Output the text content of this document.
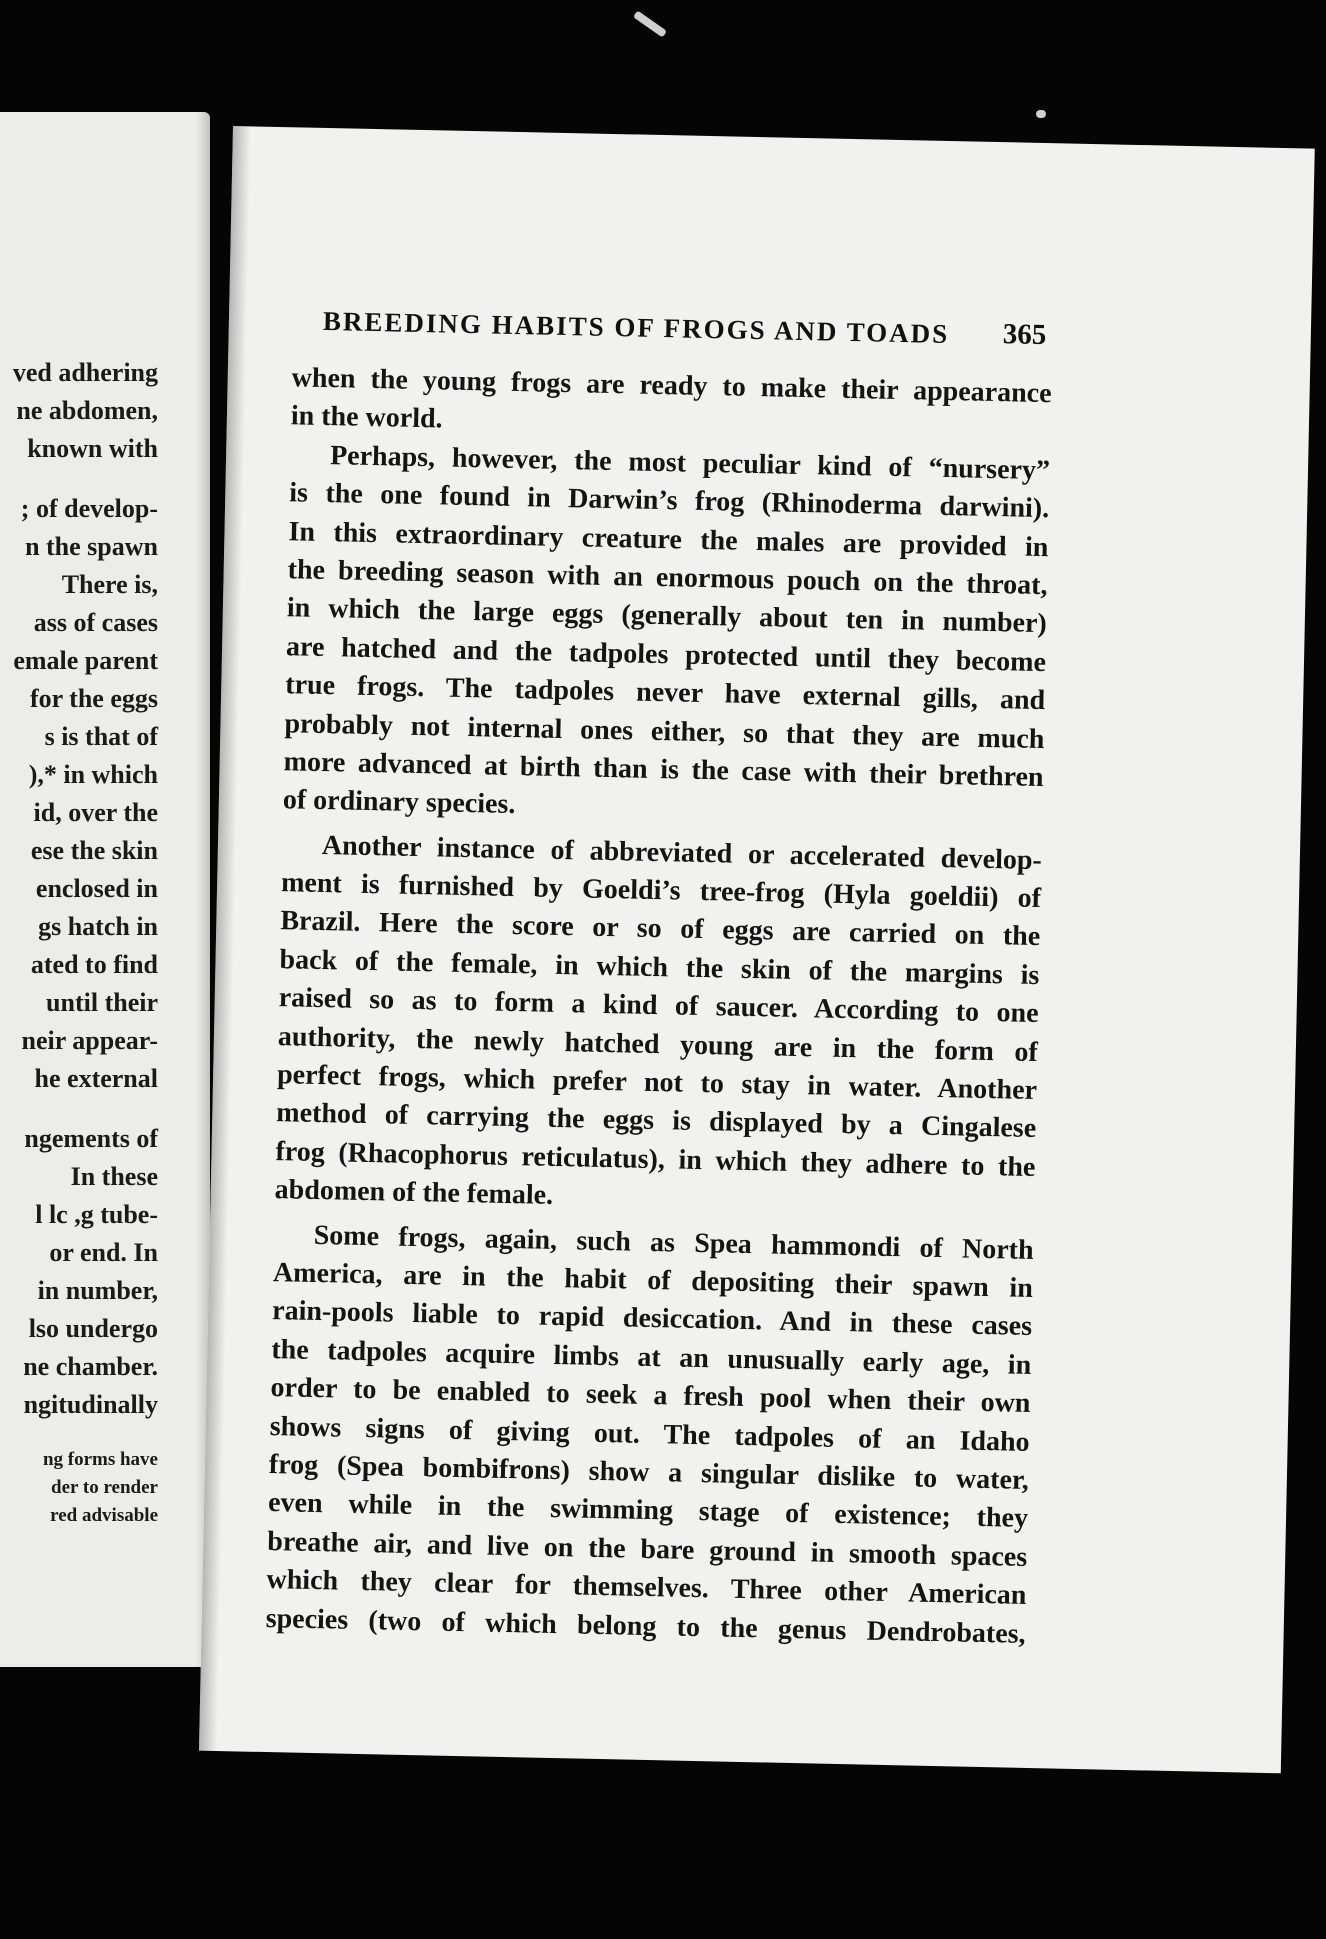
ved adhering
ne abdomen,
known with
; of develop-
n the spawn
There is,
ass of cases
emale parent
for the eggs
s is that of
),* in which
id, over the
ese the skin
enclosed in
gs hatch in
ated to find
until their
neir appear-
he external
ngements of
In these
l lc ,g tube-
or end. In
in number,
lso undergo
ne chamber.
ngitudinally
ng forms have
der to render
red advisable
BREEDING HABITS OF FROGS AND TOADS	365
when the young frogs are ready to make their appearance
in the world.
Perhaps, however, the most peculiar kind of “nursery”
is the one found in Darwin’s frog (Rhinoderma darwini).
In this extraordinary creature the males are provided in
the breeding season with an enormous pouch on the throat,
in which the large eggs (generally about ten in number)
are hatched and the tadpoles protected until they become
true frogs. The tadpoles never have external gills, and
probably not internal ones either, so that they are much
more advanced at birth than is the case with their brethren
of ordinary species.
Another instance of abbreviated or accelerated develop-
ment is furnished by Goeldi’s tree-frog (Hyla goeldii) of
Brazil. Here the score or so of eggs are carried on the
back of the female, in which the skin of the margins is
raised so as to form a kind of saucer. According to one
authority, the newly hatched young are in the form of
perfect frogs, which prefer not to stay in water. Another
method of carrying the eggs is displayed by a Cingalese
frog (Rhacophorus reticulatus), in which they adhere to the
abdomen of the female.
Some frogs, again, such as Spea hammondi of North
America, are in the habit of depositing their spawn in
rain-pools liable to rapid desiccation. And in these cases
the tadpoles acquire limbs at an unusually early age, in
order to be enabled to seek a fresh pool when their own
shows signs of giving out. The tadpoles of an Idaho
frog (Spea bombifrons) show a singular dislike to water,
even while in the swimming stage of existence; they
breathe air, and live on the bare ground in smooth spaces
which they clear for themselves. Three other American
species (two of which belong to the genus Dendrobates,
